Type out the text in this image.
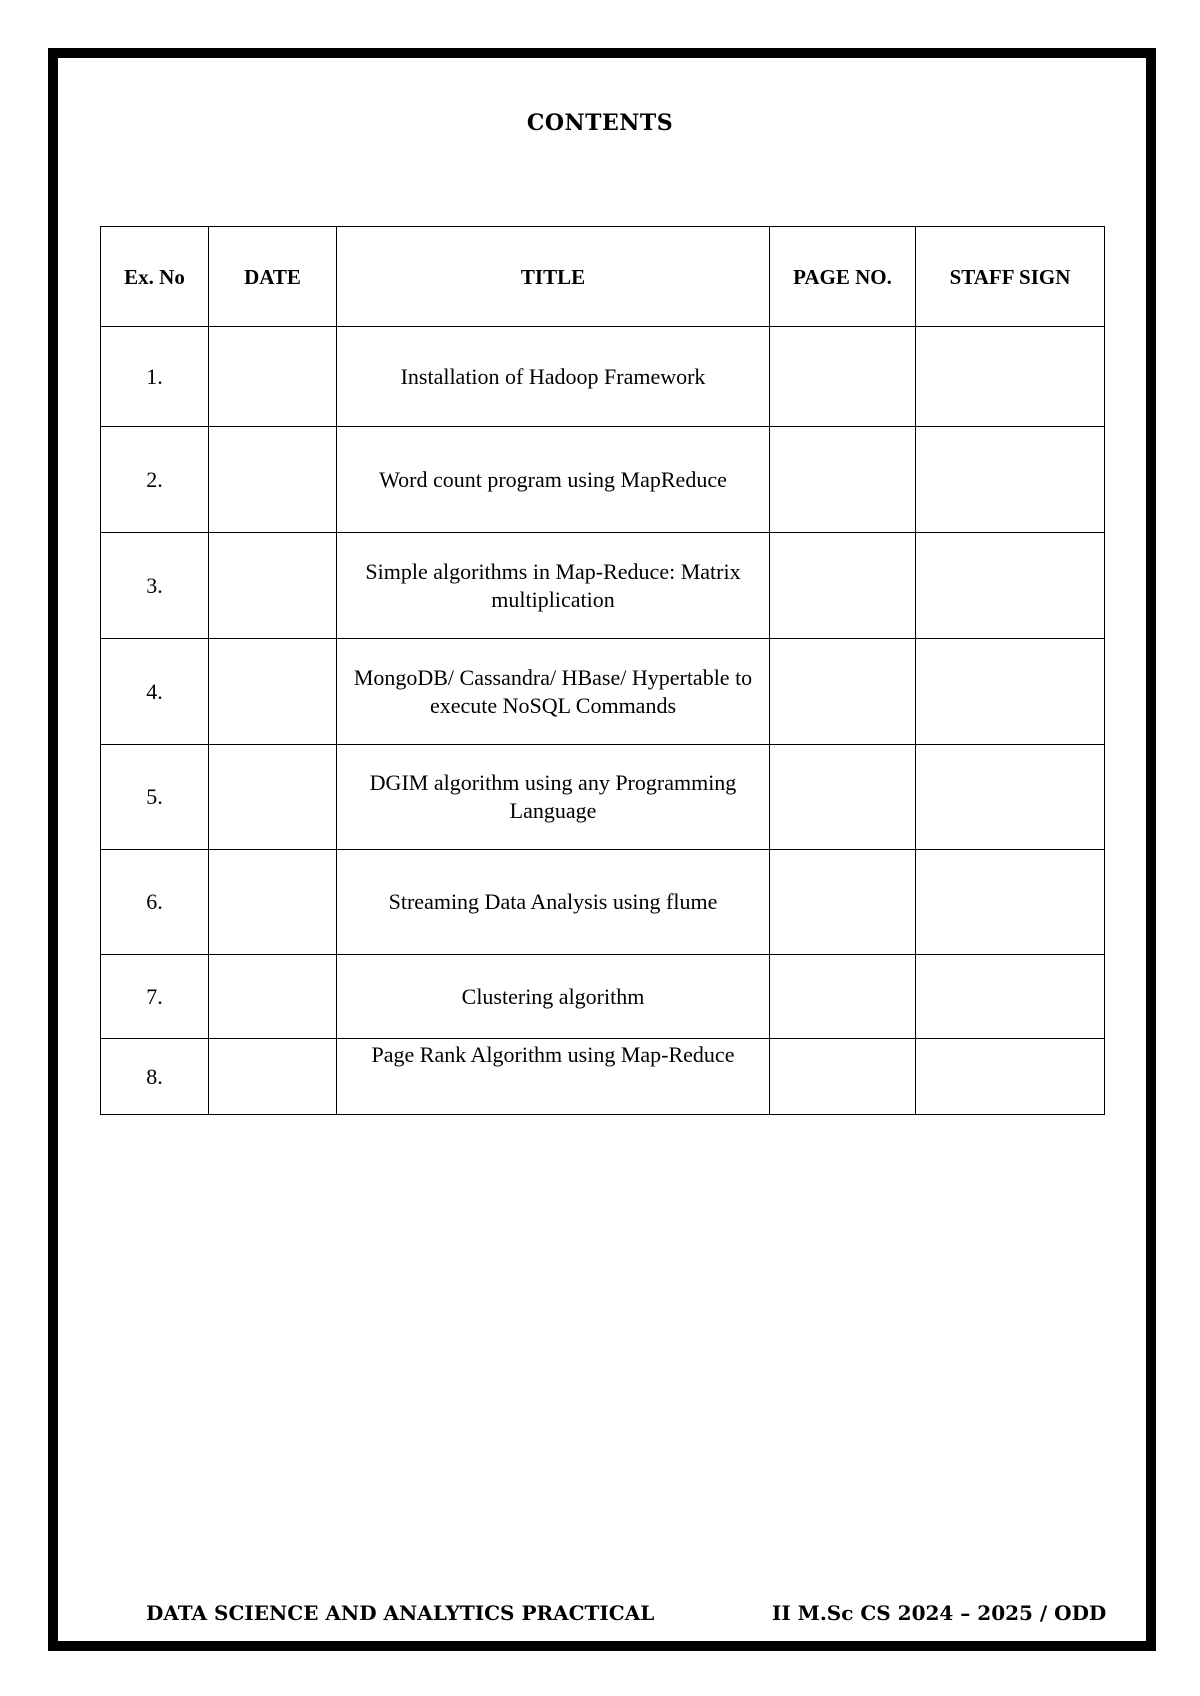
CONTENTS
Ex. No	DATE	TITLE	PAGE NO.	STAFF SIGN
1.		Installation of Hadoop Framework		
2.		Word count program using MapReduce		
3.		Simple algorithms in Map-Reduce: Matrix multiplication		
4.		MongoDB/ Cassandra/ HBase/ Hypertable to execute NoSQL Commands		
5.		DGIM algorithm using any Programming Language		
6.		Streaming Data Analysis using flume		
7.		Clustering algorithm		
8.		Page Rank Algorithm using Map-Reduce		
DATA SCIENCE AND ANALYTICS PRACTICAL	II M.Sc CS 2024 – 2025 / ODD
